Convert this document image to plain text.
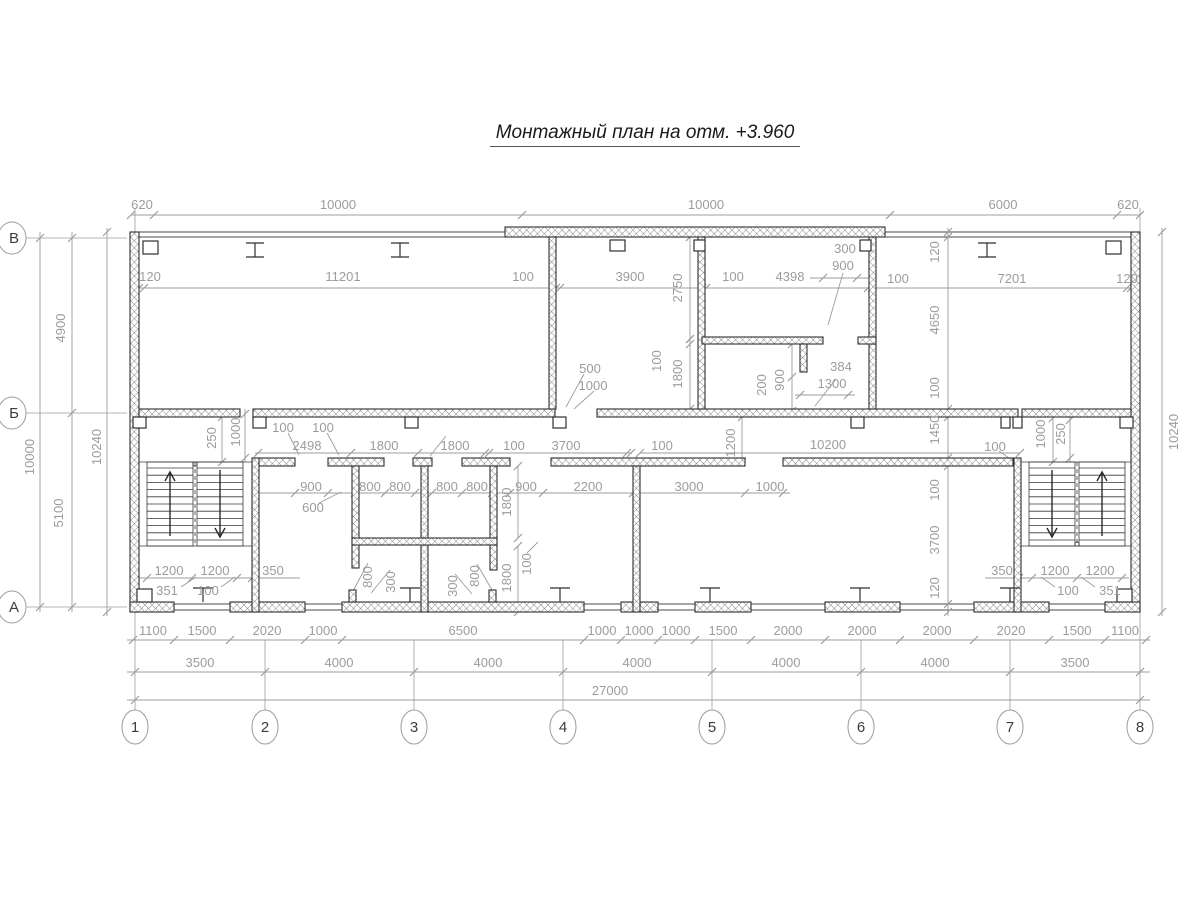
Монтажный план на отм. +3.960
1	2	3	4	5	6	7	8
В
Б
А
620	10000	10000	6000	620
120	11201	100	3900	100 4398	100	7201	120
2750
300
900
500
1000
100 1800	200 900
384
1300
4900
10000	10240
5100
120
4650
100
1450
100
3700
120
10240
100 100
2498	1800	1800	100 3700	100	10200
1200	100 1000 250
250 1000
900
600
800 800 800 800 900	2200	3000	1000
1800
1800 100
800 300	300 800
1200 1200	350
351 100
350 1200 1200
100 351
1100 1500	2020 1000	6500	1000 1000 1000 1500	2000	2000	2000	2020	1500 1100
3500	4000	4000	4000	4000	4000	3500
27000
